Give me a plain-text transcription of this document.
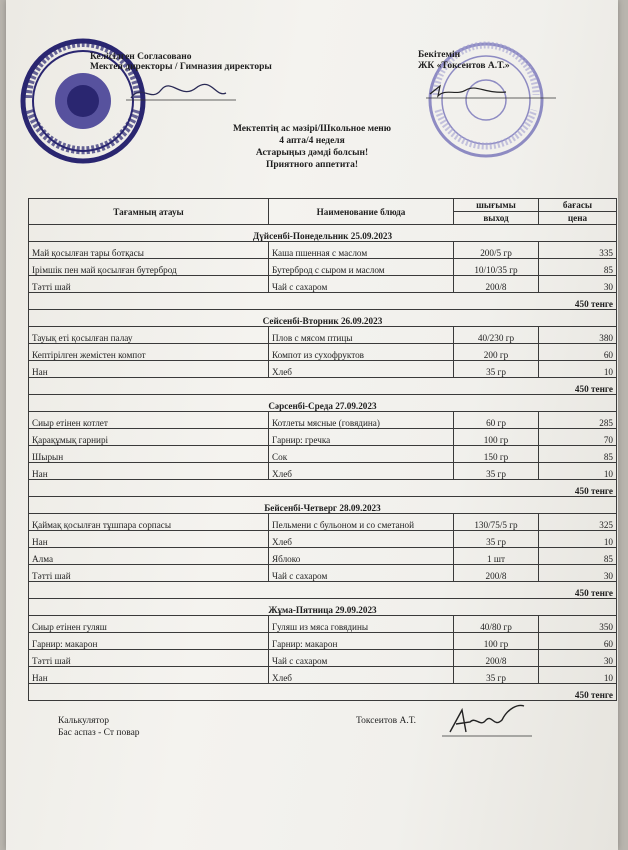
Келісілген Согласовано
Мектеп директоры / Гимназия директоры
Бекітемін
ЖК «Токсеитов А.Т.»
Мектептің ас мәзірі/Школьное меню
4 апта/4 неделя
Астарыңыз дәмді болсын!
Приятного аппетита!
Тағамның атауы	Наименование блюда	шығымы	бағасы
		выход	цена
Дүйсенбі-Понедельник 25.09.2023			
Май қосылған тары ботқасы	Каша пшенная с маслом	200/5 гр	335
Ірімшік пен май қосылған бутерброд	Бутерброд с сыром и маслом	10/10/35 гр	85
Тәтті шай	Чай с сахаром	200/8	30
450 тенге			
Сейсенбі-Вторник 26.09.2023			
Тауық еті қосылған палау	Плов с мясом птицы	40/230 гр	380
Кептірілген жемістен компот	Компот из сухофруктов	200 гр	60
Нан	Хлеб	35 гр	10
450 тенге			
Сәрсенбі-Среда 27.09.2023			
Сиыр етінен котлет	Котлеты мясные (говядина)	60 гр	285
Қарақұмық гарнирі	Гарнир: гречка	100 гр	70
Шырын	Сок	150 гр	85
Нан	Хлеб	35 гр	10
450 тенге			
Бейсенбі-Четверг 28.09.2023			
Қаймақ қосылған тұшпара сорпасы	Пельмени с бульоном и со сметаной	130/75/5 гр	325
Нан	Хлеб	35 гр	10
Алма	Яблоко	1 шт	85
Тәтті шай	Чай с сахаром	200/8	30
450 тенге			
Жұма-Пятница 29.09.2023			
Сиыр етінен гуляш	Гуляш из мяса говядины	40/80 гр	350
Гарнир: макарон	Гарнир: макарон	100 гр	60
Тәтті шай	Чай с сахаром	200/8	30
Нан	Хлеб	35 гр	10
450 тенге			
Калькулятор
Бас аспаз - Ст повар
Токсеитов А.Т.
